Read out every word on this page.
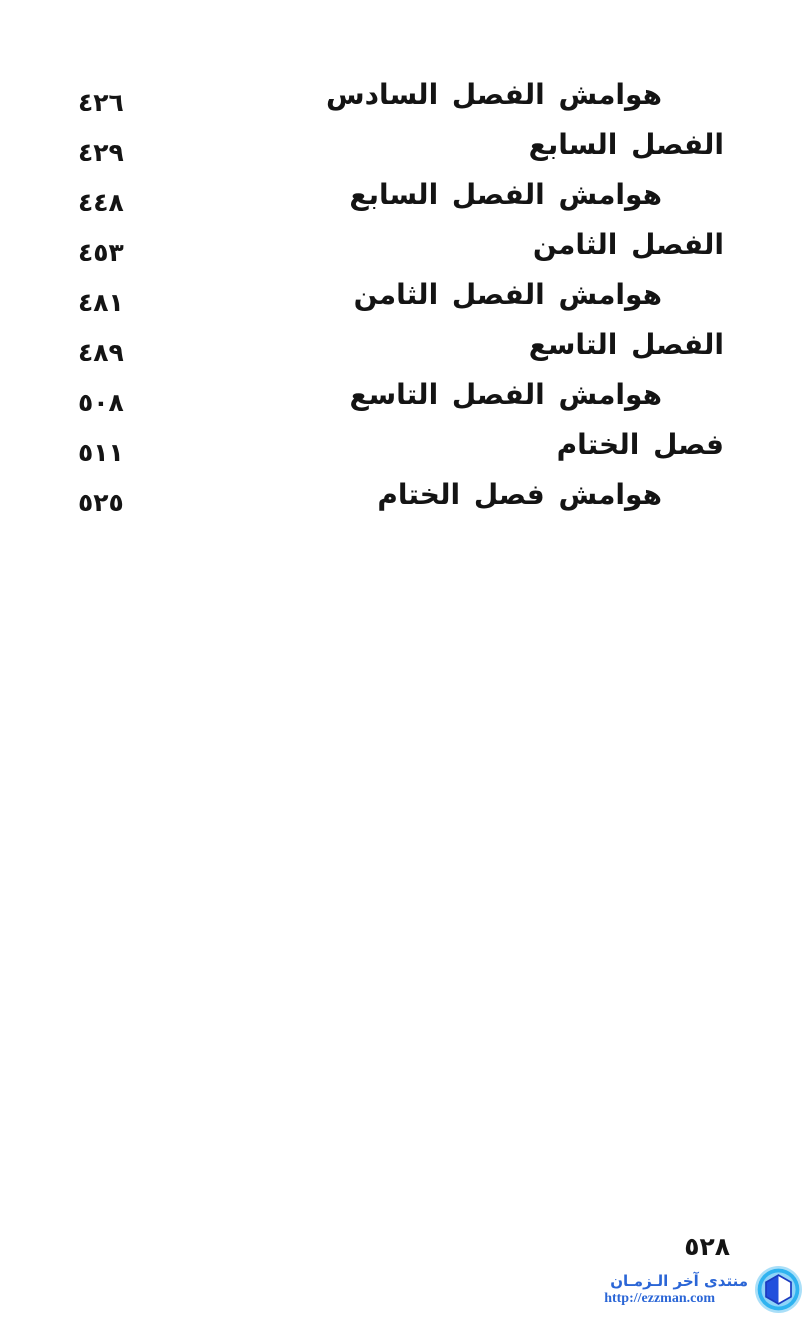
٤٢٦	هوامش الفصل السادس
٤٢٩	الفصل السابع
٤٤٨	هوامش الفصل السابع
٤٥٣	الفصل الثامن
٤٨١	هوامش الفصل الثامن
٤٨٩	الفصل التاسع
٥٠٨	هوامش الفصل التاسع
٥١١	فصل الختام
٥٢٥	هوامش فصل الختام
٥٢٨
منتدى آخر الـزمـان
http://ezzman.com
